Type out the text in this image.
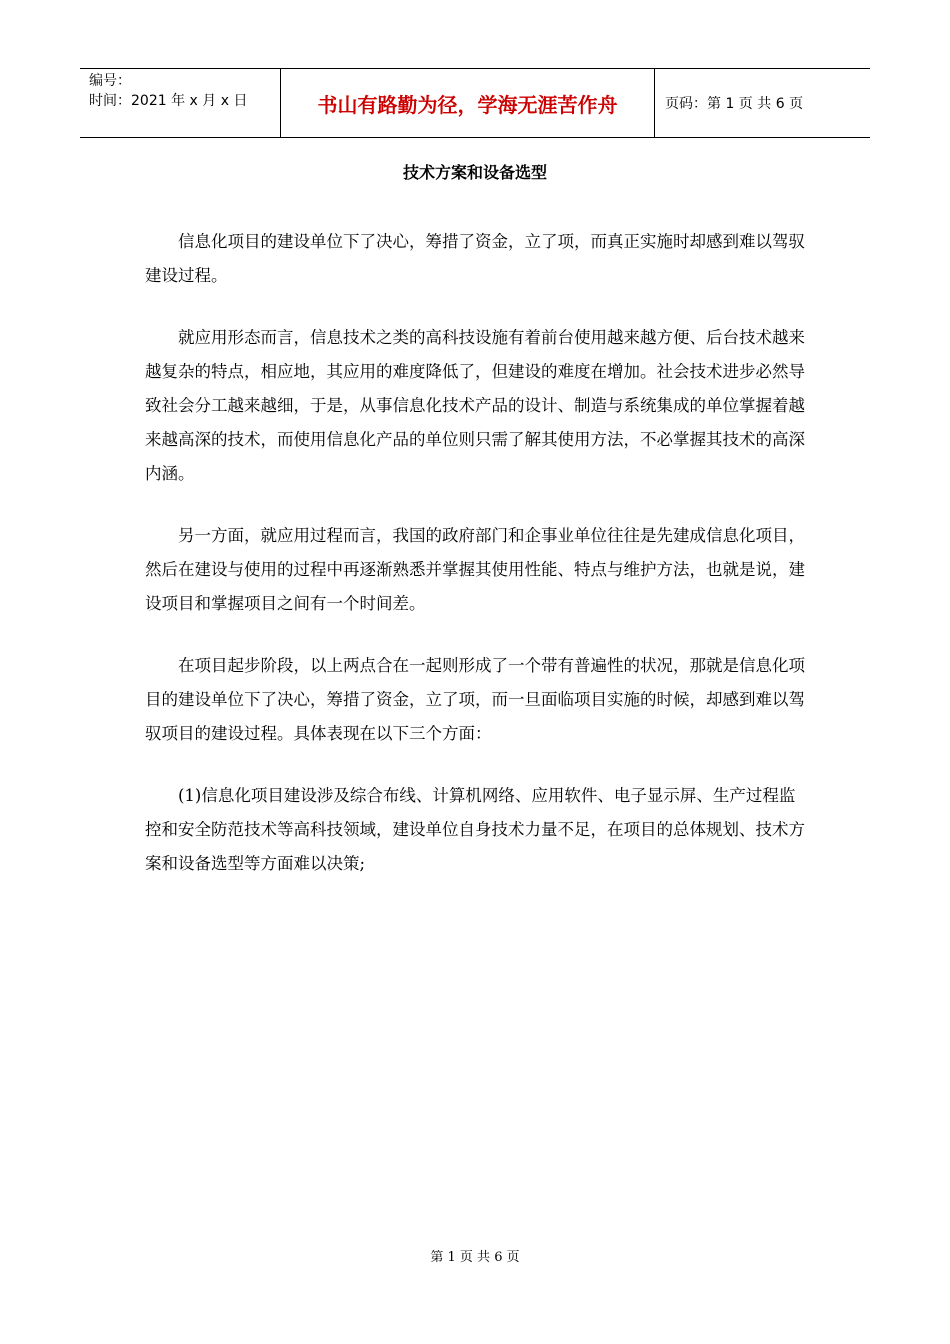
编号：
时间：2021 年 x 月 x 日	书山有路勤为径，学海无涯苦作舟	页码：第 1 页 共 6 页
技术方案和设备选型

信息化项目的建设单位下了决心，筹措了资金，立了项，而真正实施时却感到难以驾驭建设过程。

就应用形态而言，信息技术之类的高科技设施有着前台使用越来越方便、后台技术越来越复杂的特点，相应地，其应用的难度降低了，但建设的难度在增加。社会技术进步必然导致社会分工越来越细，于是，从事信息化技术产品的设计、制造与系统集成的单位掌握着越来越高深的技术，而使用信息化产品的单位则只需了解其使用方法，不必掌握其技术的高深内涵。

另一方面，就应用过程而言，我国的政府部门和企事业单位往往是先建成信息化项目，然后在建设与使用的过程中再逐渐熟悉并掌握其使用性能、特点与维护方法，也就是说，建设项目和掌握项目之间有一个时间差。

在项目起步阶段，以上两点合在一起则形成了一个带有普遍性的状况，那就是信息化项目的建设单位下了决心，筹措了资金，立了项，而一旦面临项目实施的时候，却感到难以驾驭项目的建设过程。具体表现在以下三个方面：

(1)信息化项目建设涉及综合布线、计算机网络、应用软件、电子显示屏、生产过程监控和安全防范技术等高科技领域，建设单位自身技术力量不足，在项目的总体规划、技术方案和设备选型等方面难以决策;

第 1 页 共 6 页
